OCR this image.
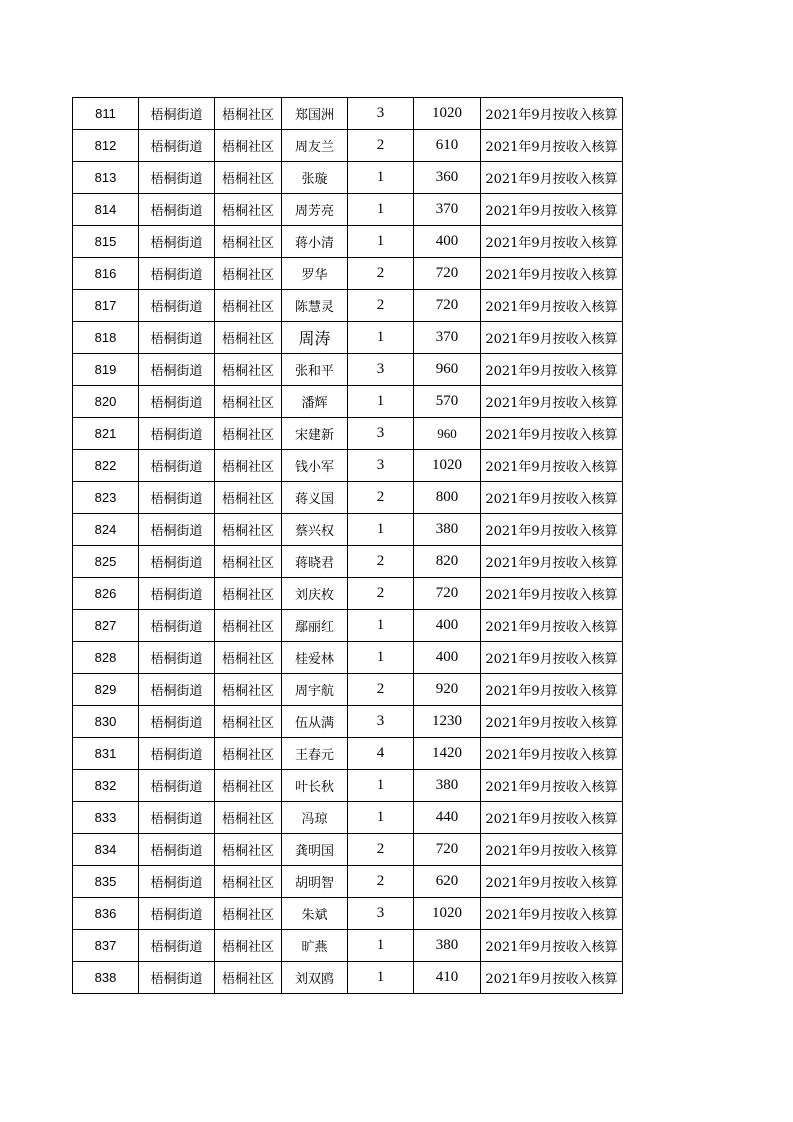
811	梧桐街道	梧桐社区	郑国洲	3	1020	2021年9月按收入核算
812	梧桐街道	梧桐社区	周友兰	2	610	2021年9月按收入核算
813	梧桐街道	梧桐社区	张璇	1	360	2021年9月按收入核算
814	梧桐街道	梧桐社区	周芳亮	1	370	2021年9月按收入核算
815	梧桐街道	梧桐社区	蒋小清	1	400	2021年9月按收入核算
816	梧桐街道	梧桐社区	罗华	2	720	2021年9月按收入核算
817	梧桐街道	梧桐社区	陈慧灵	2	720	2021年9月按收入核算
818	梧桐街道	梧桐社区	周涛	1	370	2021年9月按收入核算
819	梧桐街道	梧桐社区	张和平	3	960	2021年9月按收入核算
820	梧桐街道	梧桐社区	潘辉	1	570	2021年9月按收入核算
821	梧桐街道	梧桐社区	宋建新	3	960	2021年9月按收入核算
822	梧桐街道	梧桐社区	钱小军	3	1020	2021年9月按收入核算
823	梧桐街道	梧桐社区	蒋义国	2	800	2021年9月按收入核算
824	梧桐街道	梧桐社区	蔡兴权	1	380	2021年9月按收入核算
825	梧桐街道	梧桐社区	蒋晓君	2	820	2021年9月按收入核算
826	梧桐街道	梧桐社区	刘庆枚	2	720	2021年9月按收入核算
827	梧桐街道	梧桐社区	鄢丽红	1	400	2021年9月按收入核算
828	梧桐街道	梧桐社区	桂爱林	1	400	2021年9月按收入核算
829	梧桐街道	梧桐社区	周宇航	2	920	2021年9月按收入核算
830	梧桐街道	梧桐社区	伍从满	3	1230	2021年9月按收入核算
831	梧桐街道	梧桐社区	王春元	4	1420	2021年9月按收入核算
832	梧桐街道	梧桐社区	叶长秋	1	380	2021年9月按收入核算
833	梧桐街道	梧桐社区	冯琼	1	440	2021年9月按收入核算
834	梧桐街道	梧桐社区	龚明国	2	720	2021年9月按收入核算
835	梧桐街道	梧桐社区	胡明智	2	620	2021年9月按收入核算
836	梧桐街道	梧桐社区	朱斌	3	1020	2021年9月按收入核算
837	梧桐街道	梧桐社区	旷燕	1	380	2021年9月按收入核算
838	梧桐街道	梧桐社区	刘双鸥	1	410	2021年9月按收入核算
